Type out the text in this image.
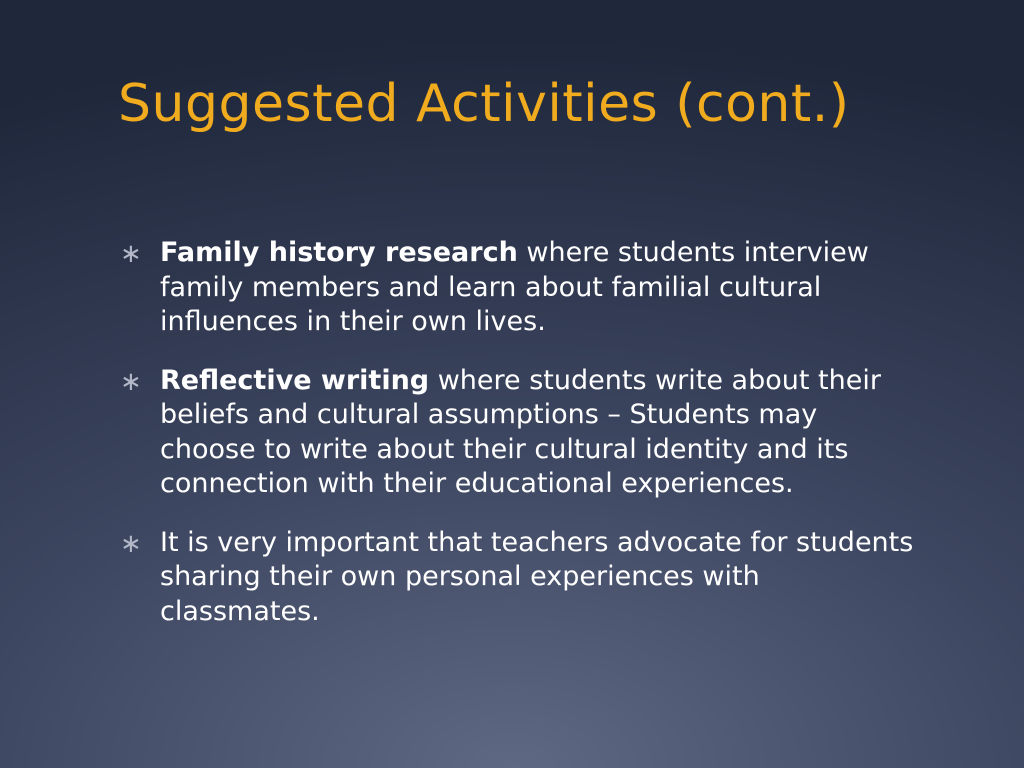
Suggested Activities (cont.)
∗ Family history research where students interview family members and learn about familial cultural influences in their own lives.
∗ Reflective writing where students write about their beliefs and cultural assumptions – Students may choose to write about their cultural identity and its connection with their educational experiences.
∗ It is very important that teachers advocate for students sharing their own personal experiences with classmates.
